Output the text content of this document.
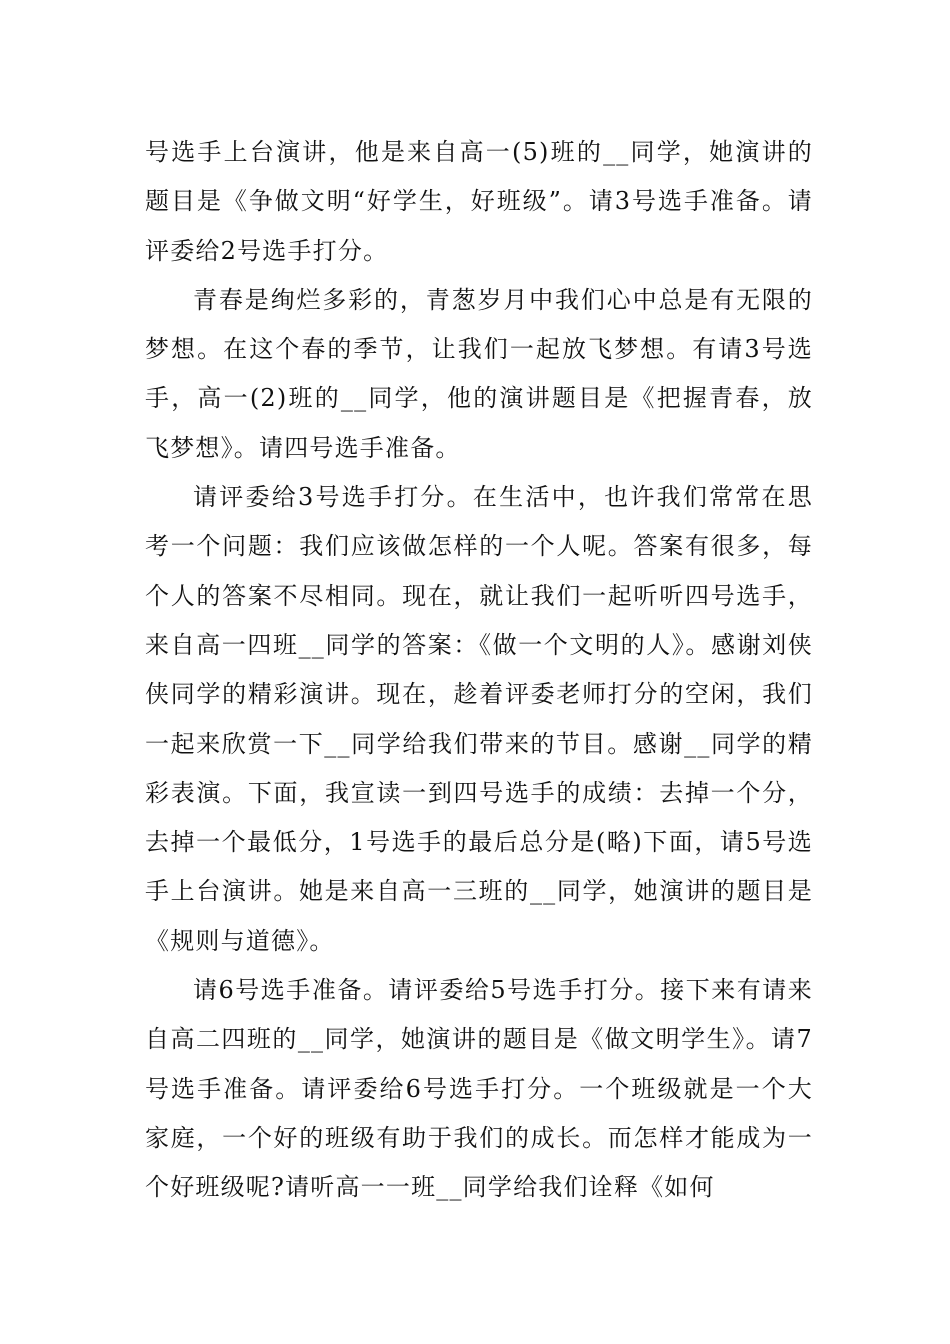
号选手上台演讲，他是来自高一(5)班的__同学，她演讲的题目是《争做文明“好学生，好班级”。请3号选手准备。请评委给2号选手打分。

青春是绚烂多彩的，青葱岁月中我们心中总是有无限的梦想。在这个春的季节，让我们一起放飞梦想。有请3号选手，高一(2)班的__同学，他的演讲题目是《把握青春，放飞梦想》。请四号选手准备。

请评委给3号选手打分。在生活中，也许我们常常在思考一个问题：我们应该做怎样的一个人呢。答案有很多，每个人的答案不尽相同。现在，就让我们一起听听四号选手，来自高一四班__同学的答案：《做一个文明的人》。感谢刘侠侠同学的精彩演讲。现在，趁着评委老师打分的空闲，我们一起来欣赏一下__同学给我们带来的节目。感谢__同学的精彩表演。下面，我宣读一到四号选手的成绩：去掉一个分，去掉一个最低分，1号选手的最后总分是(略)下面，请5号选手上台演讲。她是来自高一三班的__同学，她演讲的题目是《规则与道德》。

请6号选手准备。请评委给5号选手打分。接下来有请来自高二四班的__同学，她演讲的题目是《做文明学生》。请7号选手准备。请评委给6号选手打分。一个班级就是一个大家庭，一个好的班级有助于我们的成长。而怎样才能成为一个好班级呢?请听高一一班__同学给我们诠释《如何
